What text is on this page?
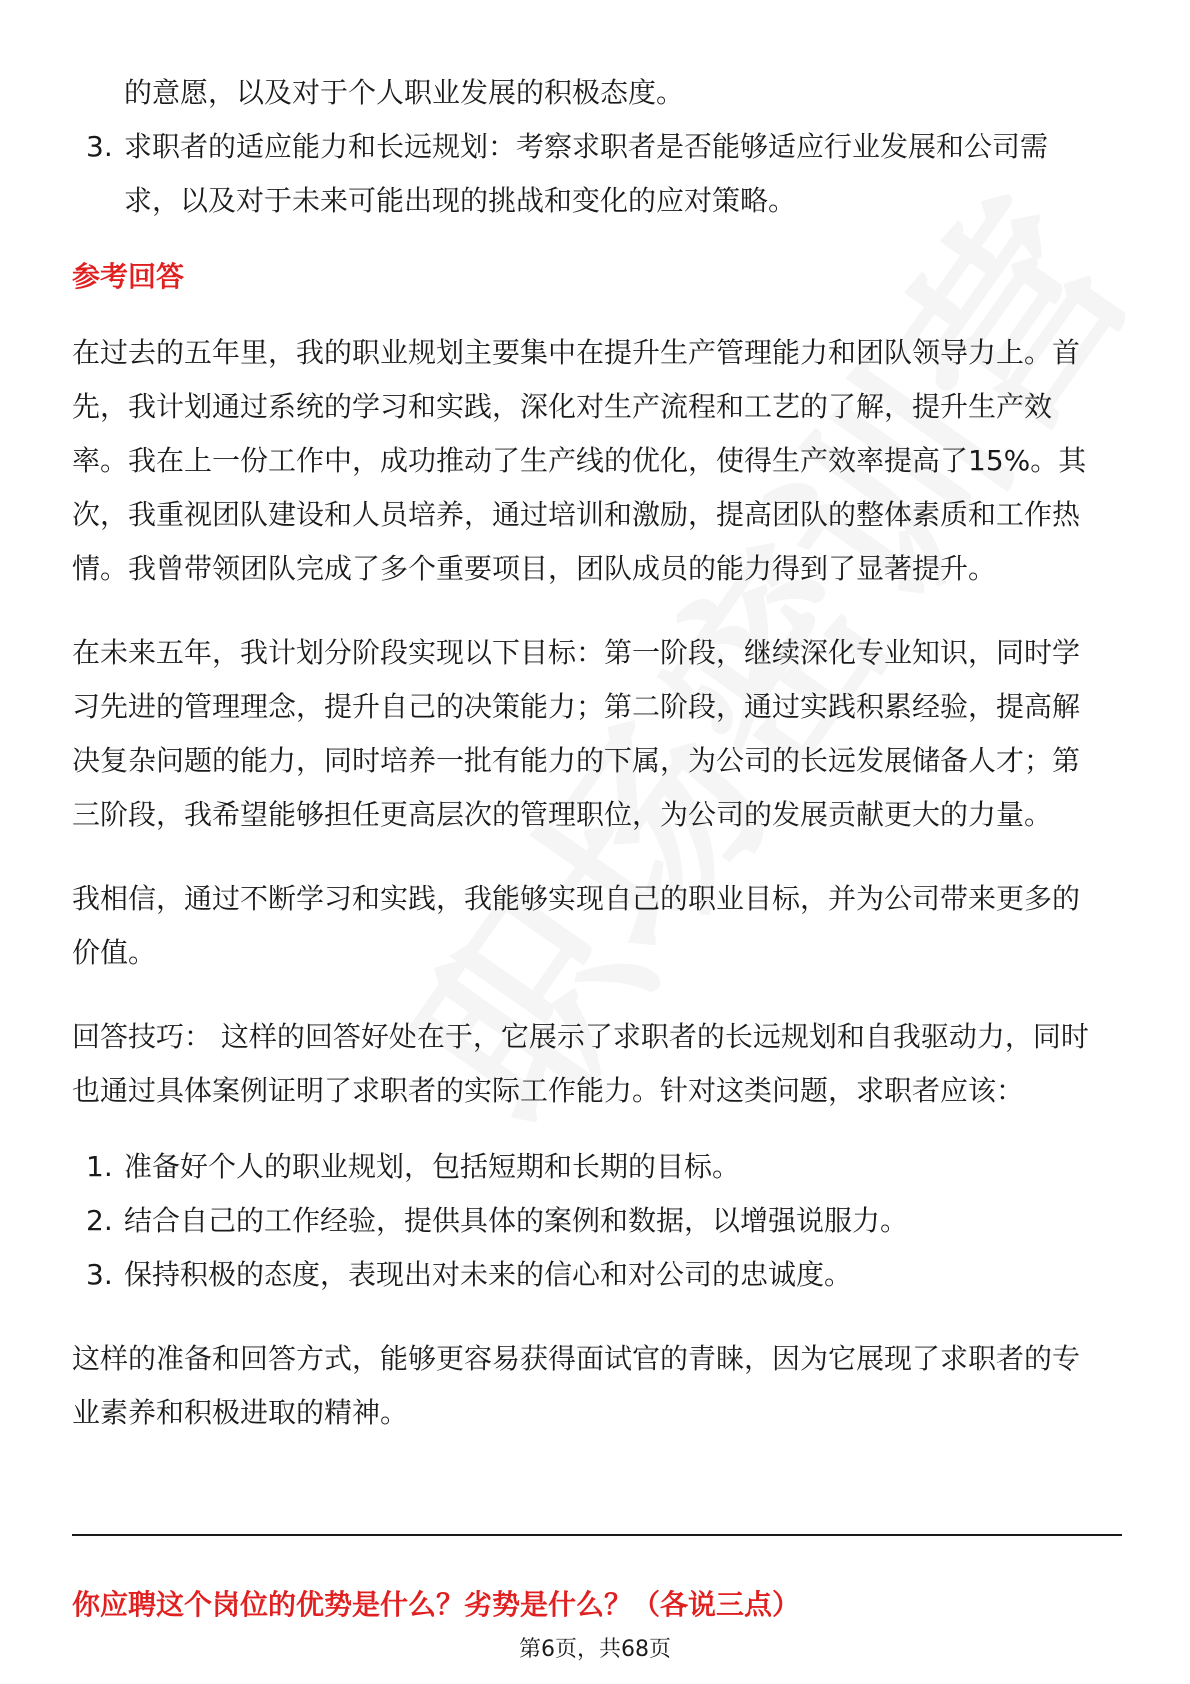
的意愿，以及对于个人职业发展的积极态度。
3. 求职者的适应能力和长远规划：考察求职者是否能够适应行业发展和公司需
求，以及对于未来可能出现的挑战和变化的应对策略。
参考回答
在过去的五年里，我的职业规划主要集中在提升生产管理能力和团队领导力上。首
先，我计划通过系统的学习和实践，深化对生产流程和工艺的了解，提升生产效
率。我在上一份工作中，成功推动了生产线的优化，使得生产效率提高了15%。其
次，我重视团队建设和人员培养，通过培训和激励，提高团队的整体素质和工作热
情。我曾带领团队完成了多个重要项目，团队成员的能力得到了显著提升。
在未来五年，我计划分阶段实现以下目标：第一阶段，继续深化专业知识，同时学
习先进的管理理念，提升自己的决策能力；第二阶段，通过实践积累经验，提高解
决复杂问题的能力，同时培养一批有能力的下属，为公司的长远发展储备人才；第
三阶段，我希望能够担任更高层次的管理职位，为公司的发展贡献更大的力量。
我相信，通过不断学习和实践，我能够实现自己的职业目标，并为公司带来更多的
价值。
回答技巧： 这样的回答好处在于，它展示了求职者的长远规划和自我驱动力，同时
也通过具体案例证明了求职者的实际工作能力。针对这类问题，求职者应该：
1. 准备好个人的职业规划，包括短期和长期的目标。
2. 结合自己的工作经验，提供具体的案例和数据，以增强说服力。
3. 保持积极的态度，表现出对未来的信心和对公司的忠诚度。
这样的准备和回答方式，能够更容易获得面试官的青睐，因为它展现了求职者的专
业素养和积极进取的精神。
你应聘这个岗位的优势是什么？劣势是什么？（各说三点）
第6页，共68页
